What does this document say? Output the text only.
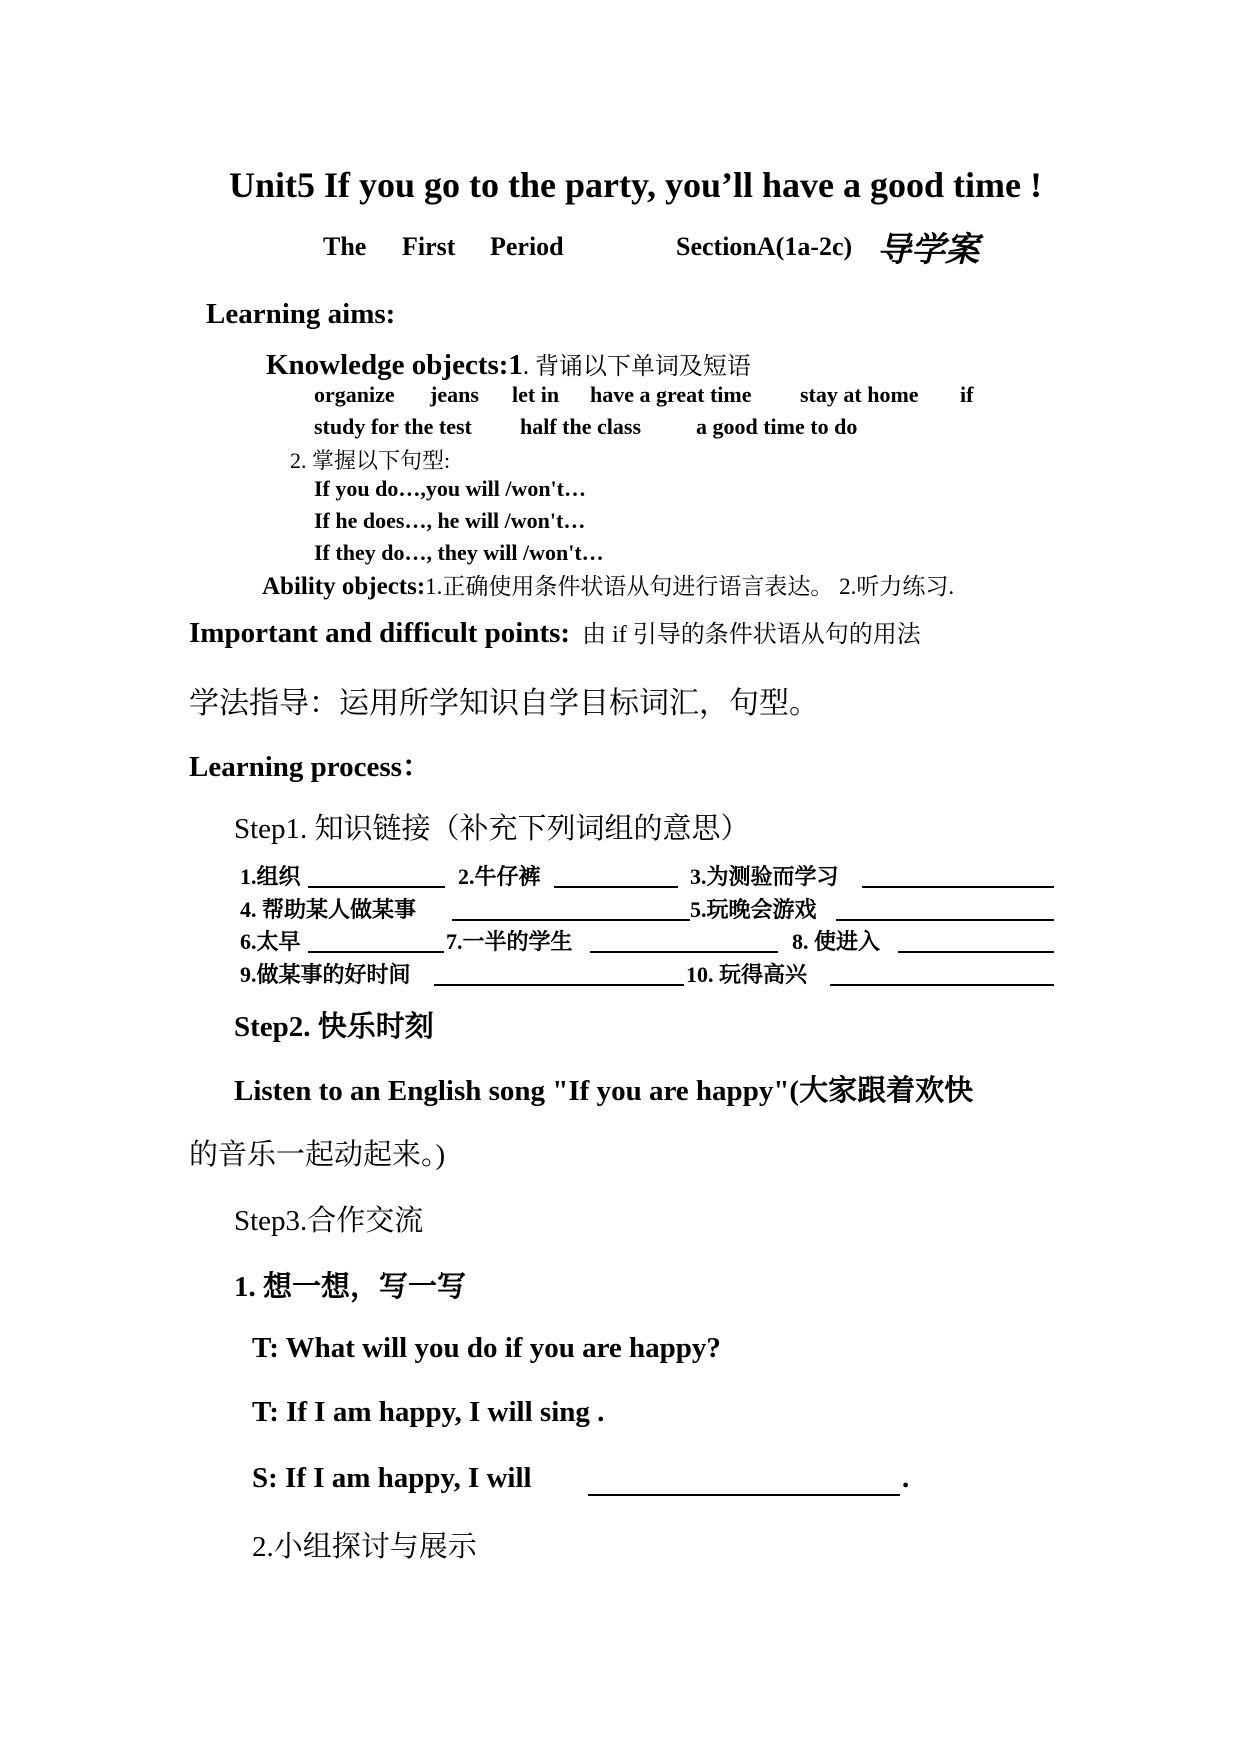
Unit5 If you go to the party, you’ll have a good time !
The First Period	SectionA(1a-2c) 导学案
Learning aims:
Knowledge objects:1. 背诵以下单词及短语
organize jeans let in have a great time stay at home if
study for the test half the class	a good time to do
2. 掌握以下句型:
If you do…,you will /won't…
If he does…, he will /won't…
If they do…, they will /won't…
Ability objects:1.正确使用条件状语从句进行语言表达。 2.听力练习.
Important and difficult points: 由 if 引导的条件状语从句的用法
学法指导：运用所学知识自学目标词汇，句型。
Learning process：
Step1. 知识链接（补充下列词组的意思）
1.组织	2.牛仔裤	3.为测验而学习
4. 帮助某人做某事	5.玩晚会游戏
6.太早	7.一半的学生	8. 使进入
9.做某事的好时间	10. 玩得高兴
Step2. 快乐时刻
Listen to an English song "If you are happy"(大家跟着欢快
的音乐一起动起来。)
Step3.合作交流
1. 想一想，写一写
T: What will you do if you are happy?
T: If I am happy, I will sing .
S: If I am happy, I will	.
2.小组探讨与展示
